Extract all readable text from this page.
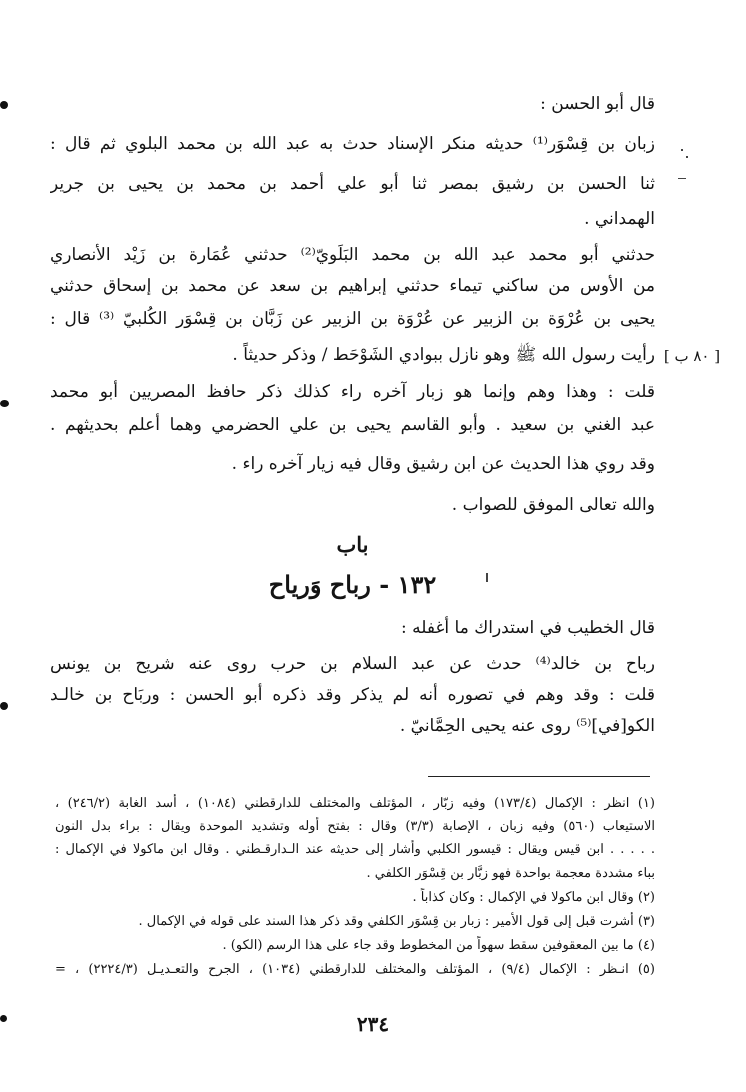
قال أبو الحسن :
زبان بن قِسْوَر⁽¹⁾ حديثه منكر الإسناد حدث به عبد الله بن محمد البلوي ثم قال :
ثنا الحسن بن رشيق بمصر ثنا أبو علي أحمد بن محمد بن يحيى بن جرير
الهمداني .
حدثني أبو محمد عبد الله بن محمد البَلَويّ⁽²⁾ حدثني عُمَارة بن زَيْد الأنصاري
من الأوس من ساكني تيماء حدثني إبراهيم بن سعد عن محمد بن إسحاق حدثني
يحيى بن عُرْوَة بن الزبير عن عُرْوَة بن الزبير عن زَبَّان بن قِسْوَر الكُلبيّ ⁽³⁾ قال :
رأيت رسول الله ﷺ وهو نازل ببوادي الشَوْحَط / وذكر حديثاً . [ ٨٠ ب ]
قلت : وهذا وهم وإنما هو زبار آخره راء كذلك ذكر حافظ المصريين أبو محمد
عبد الغني بن سعيد . وأبو القاسم يحيى بن علي الحضرمي وهما أعلم بحديثهم .
وقد روي هذا الحديث عن ابن رشيق وقال فيه زيار آخره راء .
والله تعالى الموفق للصواب .
باب
١٣٢ - رباح وَرياح
قال الخطيب في استدراك ما أغفله :
رباح بن خالد⁽⁴⁾ حدث عن عبد السلام بن حرب روى عنه شريح بن يونس
قلت : وقد وهم في تصوره أنه لم يذكر وقد ذكره أبو الحسن : وربَاح بن خالـد
الكو[في]⁽⁵⁾ روى عنه يحيى الحِمَّانيّ .
(١) انظر : الإكمال (١٧٣/٤) وفيه زبّار ، المؤتلف والمختلف للدارقطني (١٠٨٤) ، أسد الغابة (٢٤٦/٢) ،
الاستيعاب (٥٦٠) وفيه زبان ، الإصابة (٣/٣) وقال : بفتح أوله وتشديد الموحدة ويقال : براء بدل النون
. . . . . ابن قيس ويقال : قيسور الكلبي وأشار إلى حديثه عند الـدارقـطني . وقال ابن ماكولا في الإكمال :
بباء مشددة معجمة بواحدة فهو زبَّار بن قِسْوَر الكلفي .
(٢) وقال ابن ماكولا في الإكمال : وكان كذاباً .
(٣) أشرت قبل إلى قول الأمير : زبار بن قِسْوَر الكلفي وقد ذكر هذا السند على قوله في الإكمال .
(٤) ما بين المعقوفين سقط سهواً من المخطوط وقد جاء على هذا الرسم (الكو) .
(٥) انـظر : الإكمال (٩/٤) ، المؤتلف والمختلف للدارقطني (١٠٣٤) ، الجرح والتعـديـل (٢٢٢٤/٣) ، =
٢٣٤
